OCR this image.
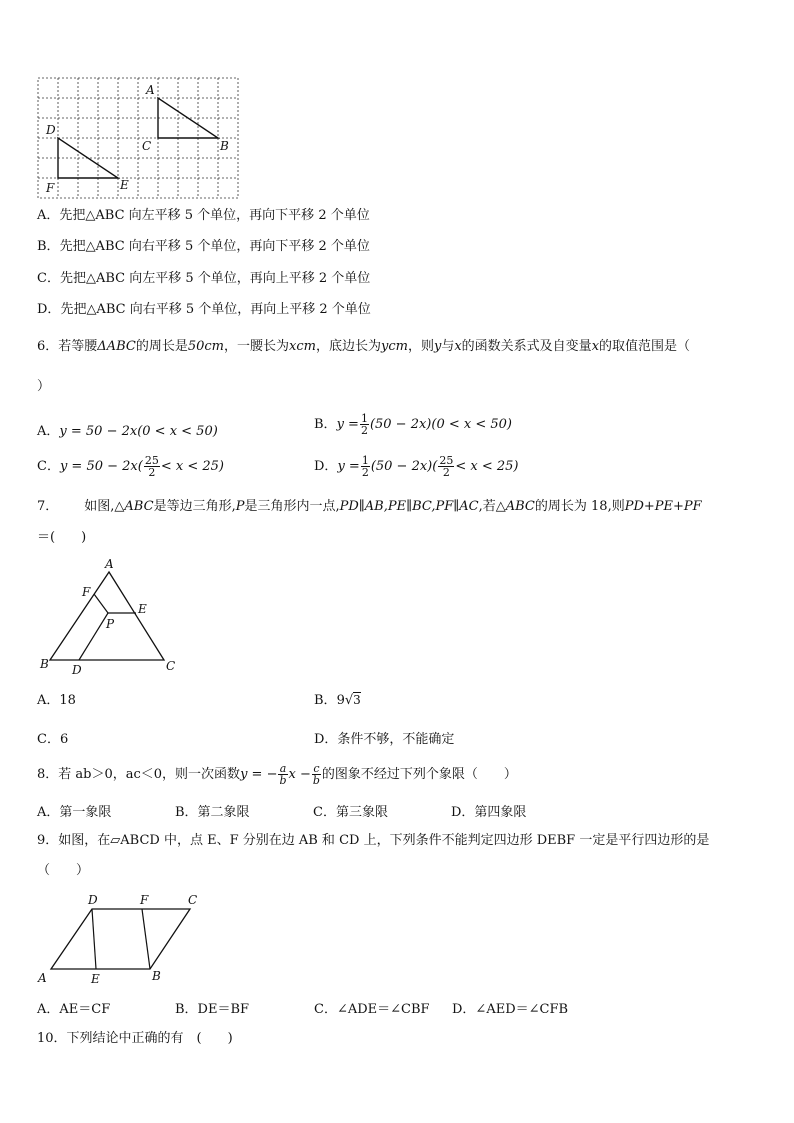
A
C	B
D
F	E
A．先把△ABC 向左平移 5 个单位，再向下平移 2 个单位
B．先把△ABC 向右平移 5 个单位，再向下平移 2 个单位
C．先把△ABC 向左平移 5 个单位，再向上平移 2 个单位
D．先把△ABC 向右平移 5 个单位，再向上平移 2 个单位
6．若等腰ΔABC的周长是50cm，一腰长为xcm，底边长为ycm，则y与x的函数关系式及自变量x的取值范围是（
）
A．y = 50 − 2x(0 < x < 50)	B．$y = \frac{1}{2} (50 - 2x)(0 < x < 50)$
C．$y = 50 - 2x( \frac{25}{2} < x < 25)$	D．$y = \frac{1}{2} (50 - 2x)( \frac{25}{2} < x < 25)$
7． 如图,△ABC是等边三角形,P是三角形内一点,PD∥AB,PE∥BC,PF∥AC,若△ABC的周长为 18,则PD+PE+PF
＝(　　)
A
F
E
P
B D	C
A．18	B．9√3
C．6	D．条件不够，不能确定
8．若 ab＞0，ac＜0，则一次函数y = − $\frac{a}{b}$ $x - \frac{c}{b}$ 的图象不经过下列个象限（　　）
A．第一象限	B．第二象限	C．第三象限	D．第四象限
9．如图，在▱ABCD 中，点 E、F 分别在边 AB 和 CD 上，下列条件不能判定四边形 DEBF 一定是平行四边形的是
（　　）
D	F	C
A	E	B
A．AE＝CF	B．DE＝BF	C．∠ADE＝∠CBF D．∠AED＝∠CFB
10．下列结论中正确的有　(　　)
